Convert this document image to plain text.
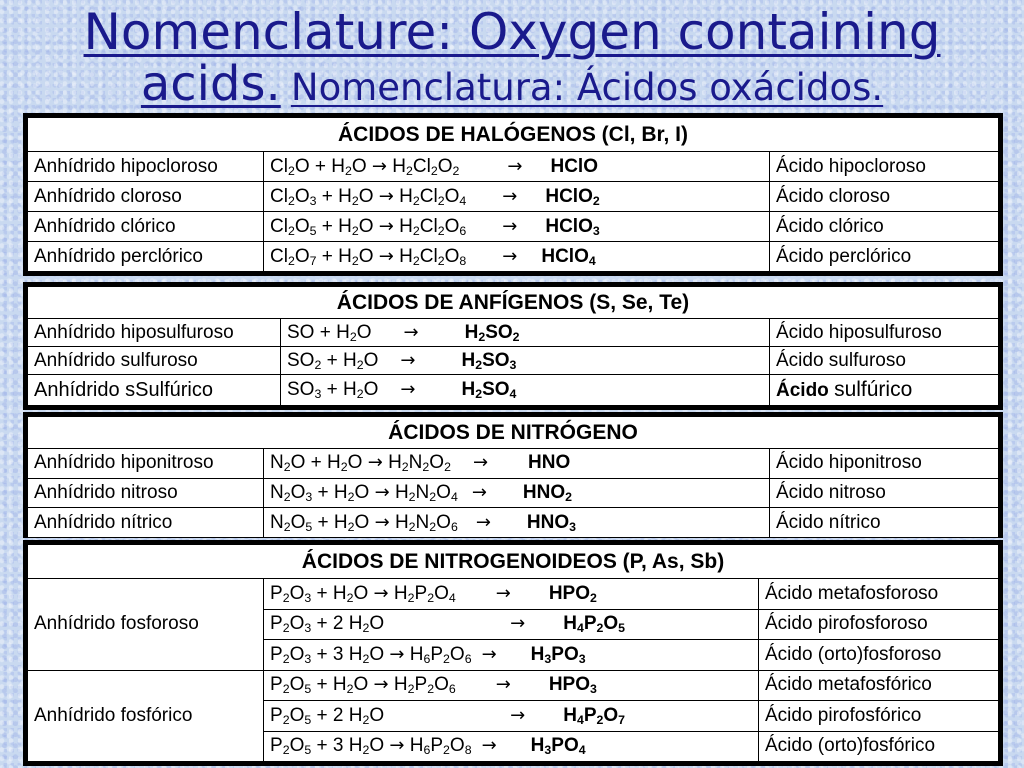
Nomenclature: Oxygen containing
acids. Nomenclatura: Ácidos oxácidos.
ÁCIDOS DE HALÓGENOS (Cl, Br, I)		
Anhídrido hipocloroso	$Cl_2O + H_2O \to H_2Cl_2O_2$ → HClO	Ácido hipocloroso
Anhídrido cloroso	$Cl_2O_3 + H_2O \to H_2Cl_2O_4$ → HClO$_2$	Ácido cloroso
Anhídrido clórico	$Cl_2O_5 + H_2O \to H_2Cl_2O_6$ → HClO$_3$	Ácido clórico
Anhídrido perclórico	$Cl_2O_7 + H_2O \to H_2Cl_2O_8$ → HClO$_4$	Ácido perclórico
ÁCIDOS DE ANFÍGENOS (S, Se, Te)		
Anhídrido hiposulfuroso	SO + $H_2O \to H_2SO_2$	Ácido hiposulfuroso
Anhídrido sulfuroso	$SO_2 + H_2O \to H_2SO_3$	Ácido sulfuroso
Anhídrido sSulfúrico	$SO_3 + H_2O \to H_2SO_4$	Ácido sulfúrico
ÁCIDOS DE NITRÓGENO		
Anhídrido hiponitroso	$N_2O + H_2O \to H_2N_2O_2$ → HNO	Ácido hiponitroso
Anhídrido nitroso	$N_2O_3 + H_2O \to H_2N_2O_4 \to HNO_2$	Ácido nitroso
Anhídrido nítrico	$N_2O_5 + H_2O \to H_2N_2O_6 \to HNO_3$	Ácido nítrico
ÁCIDOS DE NITROGENOIDEOS (P, As, Sb)		
Anhídrido fosforoso	$P_2O_3 + H_2O \to H_2P_2O_4 \to HPO_2$	Ácido metafosforoso
	$P_2O_3 + 2$ $H_2O \to H_4P_2O_5$	Ácido pirofosforoso
	$P_2O_3 + 3$ $H_2O \to H_6P_2O_6 \to H_3PO_3$	Ácido (orto)fosforoso
Anhídrido fosfórico	$P_2O_5 + H_2O \to H_2P_2O_6 \to HPO_3$	Ácido metafosfórico
	$P_2O_5 + 2$ $H_2O \to H_4P_2O_7$	Ácido pirofosfórico
	$P_2O_5 + 3$ $H_2O \to H_6P_2O_8 \to H_3PO_4$	Ácido (orto)fosfórico
